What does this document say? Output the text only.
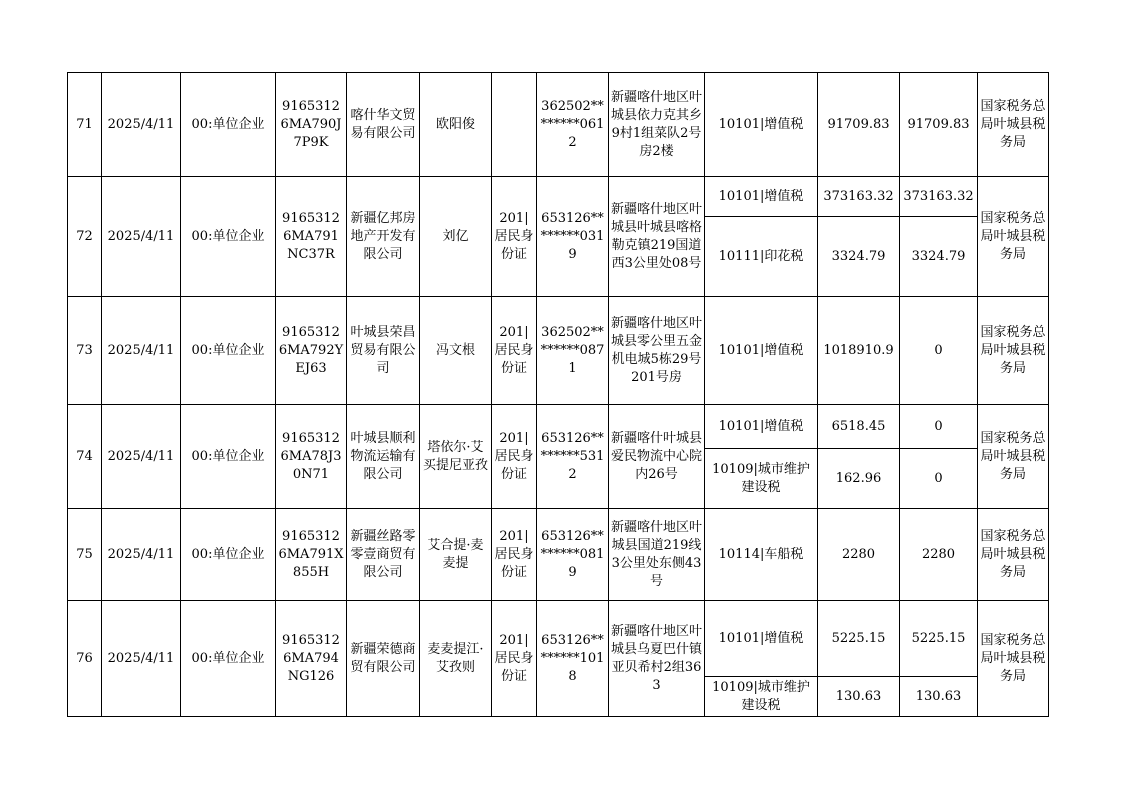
71	2025/4/11	00:单位企业	91653126MA790J7P9K	喀什华文贸易有限公司	欧阳俊		362502********0612	新疆喀什地区叶城县依力克其乡9村1组菜队2号房2楼	10101|增值税	91709.83	91709.83	国家税务总局叶城县税务局
72	2025/4/11	00:单位企业	91653126MA791NC37R	新疆亿邦房地产开发有限公司	刘亿	201|居民身份证	653126********0319	新疆喀什地区叶城县叶城县喀格勒克镇219国道西3公里处08号	10101|增值税	373163.32	373163.32	国家税务总局叶城县税务局
									10111|印花税	3324.79	3324.79	
73	2025/4/11	00:单位企业	91653126MA792YEJ63	叶城县荣昌贸易有限公司	冯文根	201|居民身份证	362502********0871	新疆喀什地区叶城县零公里五金机电城5栋29号201号房	10101|增值税	1018910.9	0	国家税务总局叶城县税务局
74	2025/4/11	00:单位企业	91653126MA78J30N71	叶城县顺利物流运输有限公司	塔依尔·艾买提尼亚孜	201|居民身份证	653126********5312	新疆喀什叶城县爱民物流中心院内26号	10101|增值税	6518.45	0	国家税务总局叶城县税务局
									10109|城市维护建设税	162.96	0	
75	2025/4/11	00:单位企业	91653126MA791X855H	新疆丝路零零壹商贸有限公司	艾合提·麦麦提	201|居民身份证	653126********0819	新疆喀什地区叶城县国道219线3公里处东侧43号	10114|车船税	2280	2280	国家税务总局叶城县税务局
76	2025/4/11	00:单位企业	91653126MA794NG126	新疆荣德商贸有限公司	麦麦提江·艾孜则	201|居民身份证	653126********1018	新疆喀什地区叶城县乌夏巴什镇亚贝希村2组363	10101|增值税	5225.15	5225.15	国家税务总局叶城县税务局
									10109|城市维护建设税	130.63	130.63	
